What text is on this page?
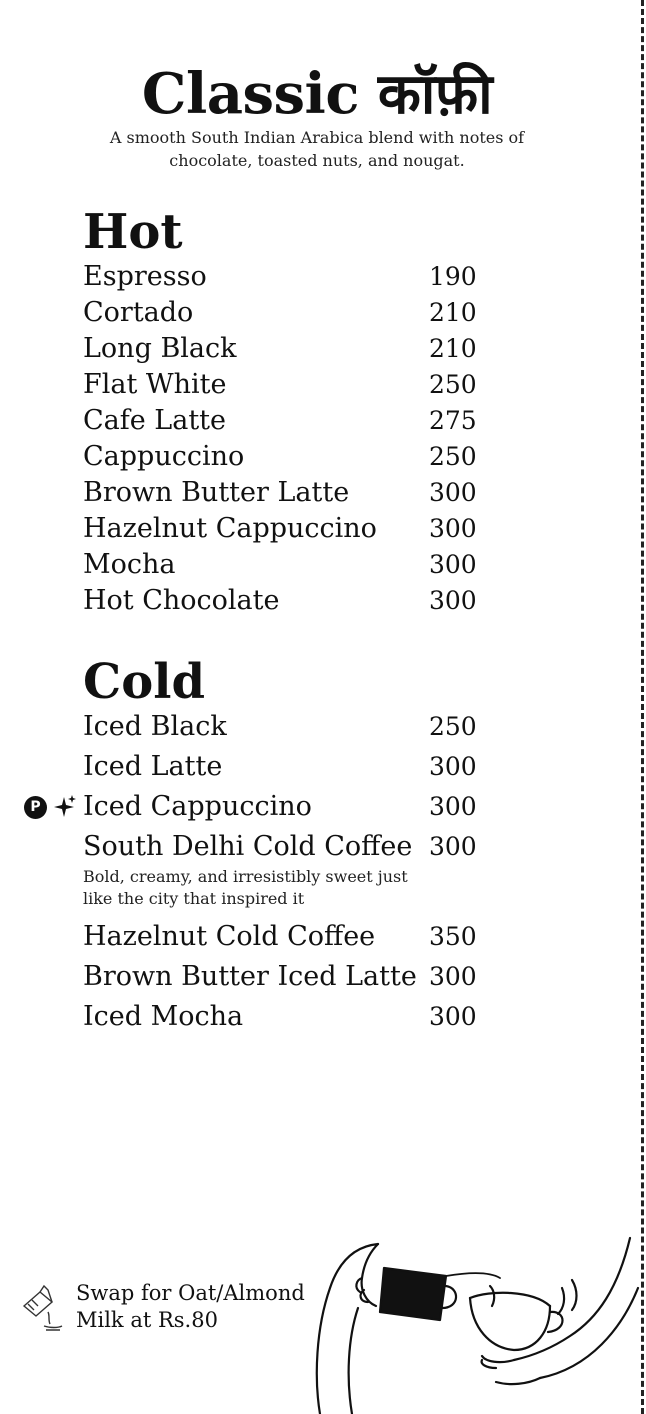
Classic कॉफ़ी

A smooth South Indian Arabica blend with notes of chocolate, toasted nuts, and nougat.

Hot
Espresso	190
Cortado	210
Long Black	210
Flat White	250
Cafe Latte	275
Cappuccino	250
Brown Butter Latte	300
Hazelnut Cappuccino 300
Mocha	300
Hot Chocolate	300
Cold
Iced Black	250
Iced Latte	300
Iced Cappuccino	300
South Delhi Cold Coffee 300
Bold, creamy, and irresistibly sweet just like the city that inspired it
Hazelnut Cold Coffee 350
Brown Butter Iced Latte 300
Iced Mocha	300
P
Swap for Oat/Almond Milk at Rs.80
